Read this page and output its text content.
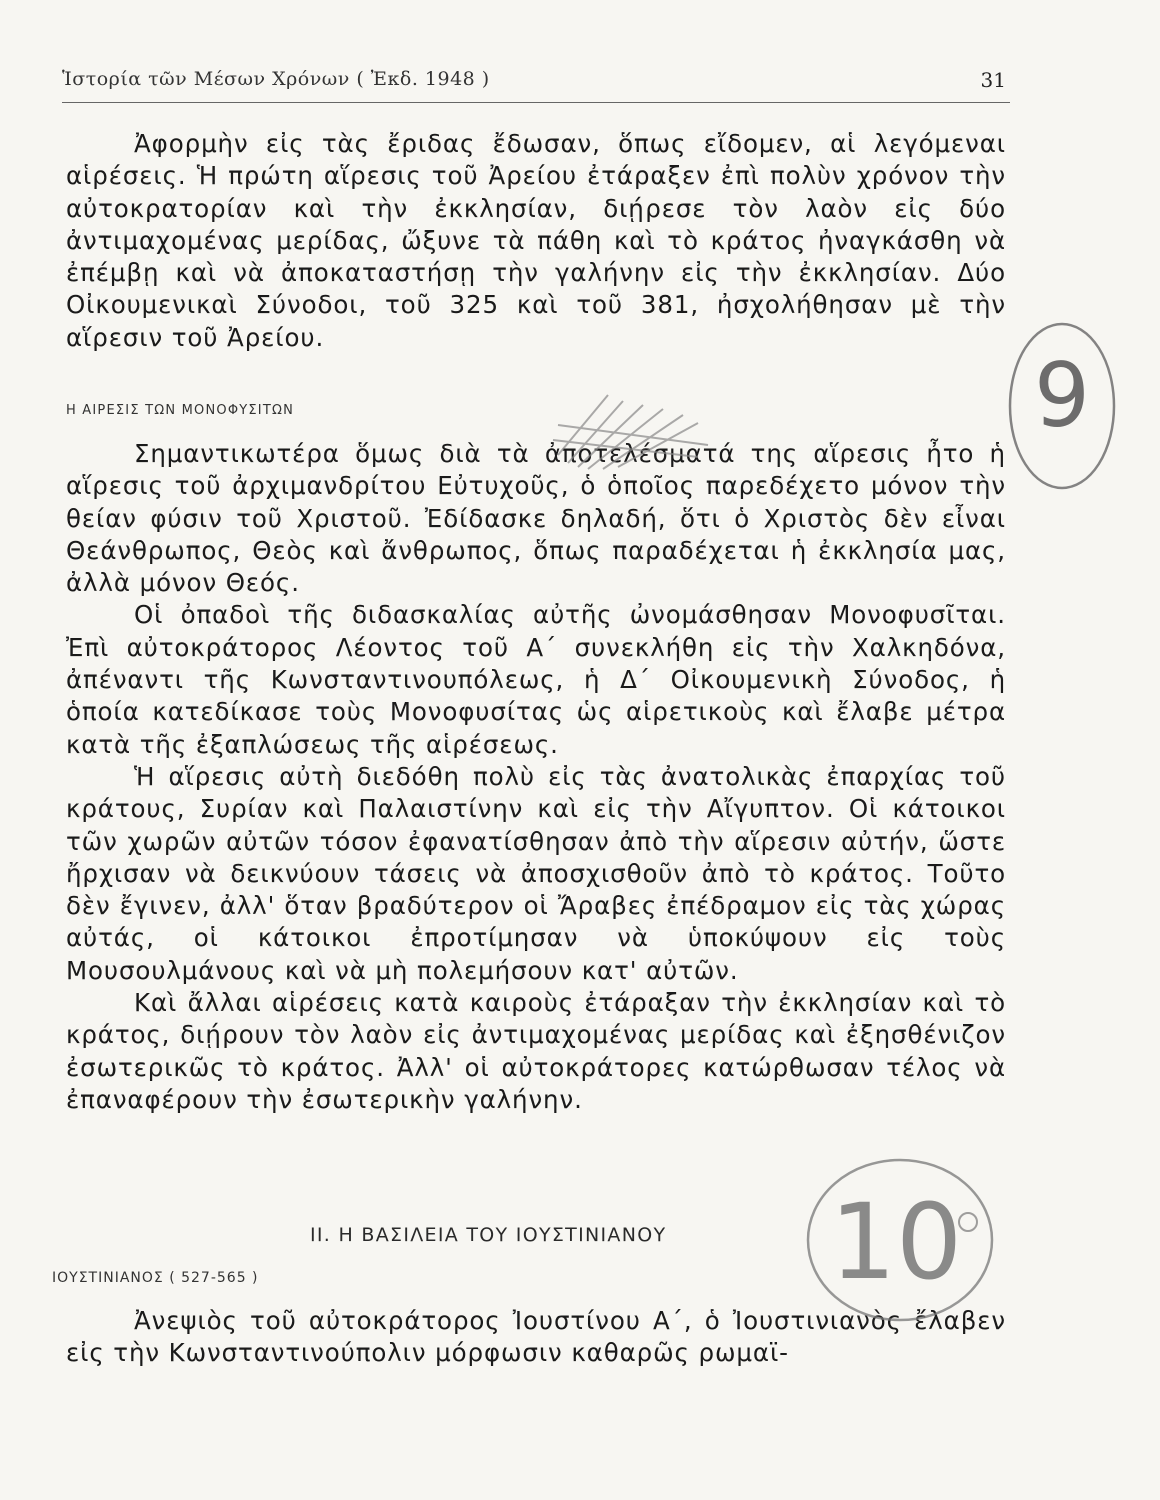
Ἱστορία τῶν Μέσων Χρόνων ( Ἐκδ. 1948 )	31

Ἀφορμὴν εἰς τὰς ἔριδας ἔδωσαν, ὅπως εἴδομεν, αἱ λεγόμεναι αἱρέσεις. Ἡ πρώτη αἵρεσις τοῦ Ἀρείου ἐτάραξεν ἐπὶ πολὺν χρόνον τὴν αὐτοκρατορίαν καὶ τὴν ἐκκλησίαν, διῄρεσε τὸν λαὸν εἰς δύο ἀντιμαχομένας μερίδας, ὤξυνε τὰ πάθη καὶ τὸ κράτος ἠναγκάσθη νὰ ἐπέμβῃ καὶ νὰ ἀποκαταστήσῃ τὴν γαλήνην εἰς τὴν ἐκκλησίαν. Δύο Οἰκουμενικαὶ Σύνοδοι, τοῦ 325 καὶ τοῦ 381, ἠσχολήθησαν μὲ τὴν αἵρεσιν τοῦ Ἀρείου.

Η ΑΙΡΕΣΙΣ ΤΩΝ ΜΟΝΟΦΥΣΙΤΩΝ

Σημαντικωτέρα ὅμως διὰ τὰ ἀποτελέσματά της αἵρεσις ἦτο ἡ αἵρεσις τοῦ ἀρχιμανδρίτου Εὐτυχοῦς, ὁ ὁποῖος παρεδέχετο μόνον τὴν θείαν φύσιν τοῦ Χριστοῦ. Ἐδίδασκε δηλαδή, ὅτι ὁ Χριστὸς δὲν εἶναι Θεάνθρωπος, Θεὸς καὶ ἄνθρωπος, ὅπως παραδέχεται ἡ ἐκκλησία μας, ἀλλὰ μόνον Θεός.

Οἱ ὀπαδοὶ τῆς διδασκαλίας αὐτῆς ὠνομάσθησαν Μονοφυσῖται. Ἐπὶ αὐτοκράτορος Λέοντος τοῦ Α΄ συνεκλήθη εἰς τὴν Χαλκηδόνα, ἀπέναντι τῆς Κωνσταντινουπόλεως, ἡ Δ΄ Οἰκουμενικὴ Σύνοδος, ἡ ὁποία κατεδίκασε τοὺς Μονοφυσίτας ὡς αἱρετικοὺς καὶ ἔλαβε μέτρα κατὰ τῆς ἐξαπλώσεως τῆς αἱρέσεως.

Ἡ αἵρεσις αὐτὴ διεδόθη πολὺ εἰς τὰς ἀνατολικὰς ἐπαρχίας τοῦ κράτους, Συρίαν καὶ Παλαιστίνην καὶ εἰς τὴν Αἴγυπτον. Οἱ κάτοικοι τῶν χωρῶν αὐτῶν τόσον ἐφανατίσθησαν ἀπὸ τὴν αἵρεσιν αὐτήν, ὥστε ἤρχισαν νὰ δεικνύουν τάσεις νὰ ἀποσχισθοῦν ἀπὸ τὸ κράτος. Τοῦτο δὲν ἔγινεν, ἀλλ' ὅταν βραδύτερον οἱ Ἄραβες ἐπέδραμον εἰς τὰς χώρας αὐτάς, οἱ κάτοικοι ἐπροτίμησαν νὰ ὑποκύψουν εἰς τοὺς Μουσουλμάνους καὶ νὰ μὴ πολεμήσουν κατ' αὐτῶν.

Καὶ ἄλλαι αἱρέσεις κατὰ καιροὺς ἐτάραξαν τὴν ἐκκλησίαν καὶ τὸ κράτος, διῄρουν τὸν λαὸν εἰς ἀντιμαχομένας μερίδας καὶ ἐξησθένιζον ἐσωτερικῶς τὸ κράτος. Ἀλλ' οἱ αὐτοκράτορες κατώρθωσαν τέλος νὰ ἐπαναφέρουν τὴν ἐσωτερικὴν γαλήνην.

ΙΙ. Η ΒΑΣΙΛΕΙΑ ΤΟΥ ΙΟΥΣΤΙΝΙΑΝΟΥ
ΙΟΥΣΤΙΝΙΑΝΟΣ ( 527-565 )

Ἀνεψιὸς τοῦ αὐτοκράτορος Ἰουστίνου Α΄, ὁ Ἰουστινιανὸς ἔλαβεν εἰς τὴν Κωνσταντινούπολιν μόρφωσιν καθαρῶς ρωμαϊ-

9
10
